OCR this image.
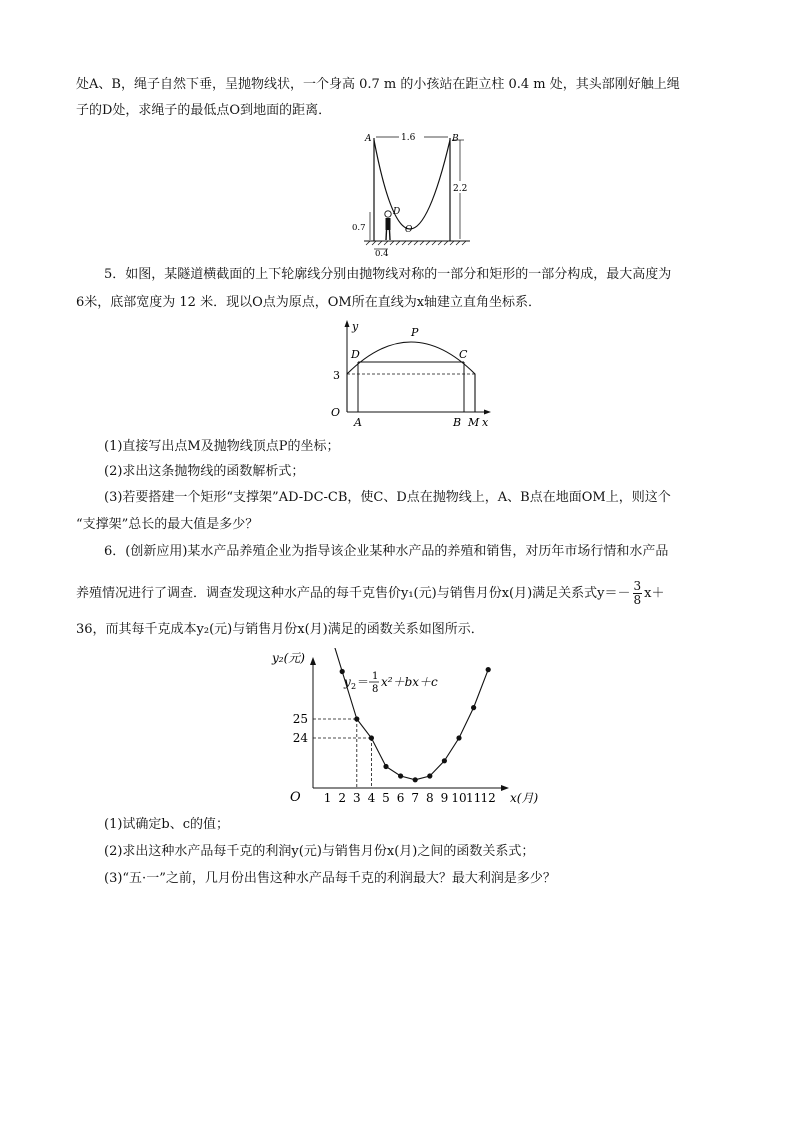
处A、B，绳子自然下垂，呈抛物线状，一个身高 0.7 m 的小孩站在距立柱 0.4 m 处，其头部刚好触上绳
子的D处，求绳子的最低点O到地面的距离．
1.6
A	B
2.2
D
O
0.7
0.4
5．如图，某隧道横截面的上下轮廓线分别由抛物线对称的一部分和矩形的一部分构成，最大高度为
6米，底部宽度为 12 米．现以O点为原点，OM所在直线为x轴建立直角坐标系．
y
x
O
3
D	C
P
A	B M
(1)直接写出点M及抛物线顶点P的坐标；
(2)求出这条抛物线的函数解析式；
(3)若要搭建一个矩形“支撑架”AD-DC-CB，使C、D点在抛物线上，A、B点在地面OM上，则这个
“支撑架”总长的最大值是多少？
6．(创新应用)某水产品养殖企业为指导该企业某种水产品的养殖和销售，对历年市场行情和水产品
养殖情况进行了调查．调查发现这种水产品的每千克售价y₁(元)与销售月份x(月)满足关系式$y=- \frac{3}{8} x+$
36，而其每千克成本y₂(元)与销售月份x(月)满足的函数关系如图所示．
y₂(元)
O	x(月)
y 2 ＝ 1
8
x²＋bx＋c
1 2 3 4 5 6 7 8 9 10 11 12
24
25
(1)试确定b、c的值；
(2)求出这种水产品每千克的利润y(元)与销售月份x(月)之间的函数关系式；
(3)“五·一”之前，几月份出售这种水产品每千克的利润最大？最大利润是多少？
